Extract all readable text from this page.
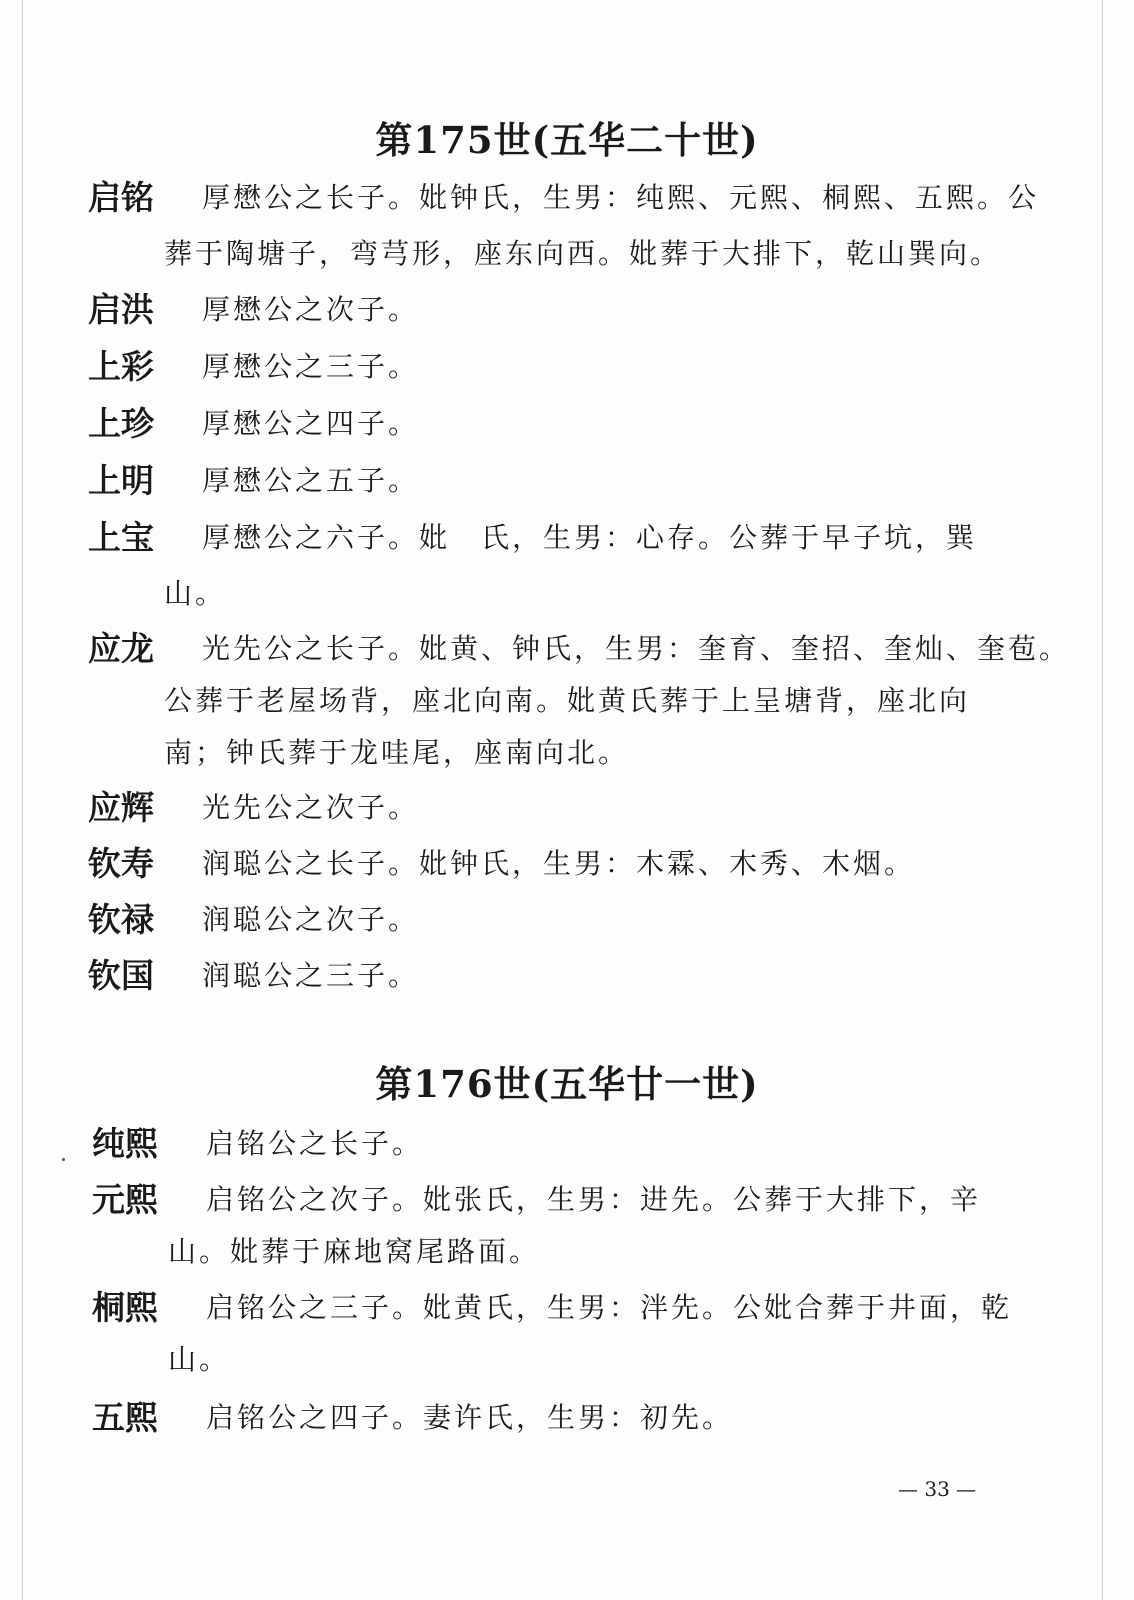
第175世(五华二十世)
启铭 厚懋公之长子。妣钟氏，生男：纯熙、元熙、桐熙、五熙。公
葬于陶塘子，弯芎形，座东向西。妣葬于大排下，乾山巽向。
启洪 厚懋公之次子。
上彩 厚懋公之三子。
上珍 厚懋公之四子。
上明 厚懋公之五子。
上宝 厚懋公之六子。妣　氏，生男：心存。公葬于早子坑，巽
山。
应龙 光先公之长子。妣黄、钟氏，生男：奎育、奎招、奎灿、奎苞。
公葬于老屋场背，座北向南。妣黄氏葬于上呈塘背，座北向
南；钟氏葬于龙哇尾，座南向北。
应辉 光先公之次子。
钦寿 润聪公之长子。妣钟氏，生男：木霖、木秀、木烟。
钦禄 润聪公之次子。
钦国 润聪公之三子。
第176世(五华廿一世)
纯熙 启铭公之长子。
元熙 启铭公之次子。妣张氏，生男：进先。公葬于大排下，辛
山。妣葬于麻地窝尾路面。
桐熙 启铭公之三子。妣黄氏，生男：泮先。公妣合葬于井面，乾
山。
五熙 启铭公之四子。妻许氏，生男：初先。
— 33 —
